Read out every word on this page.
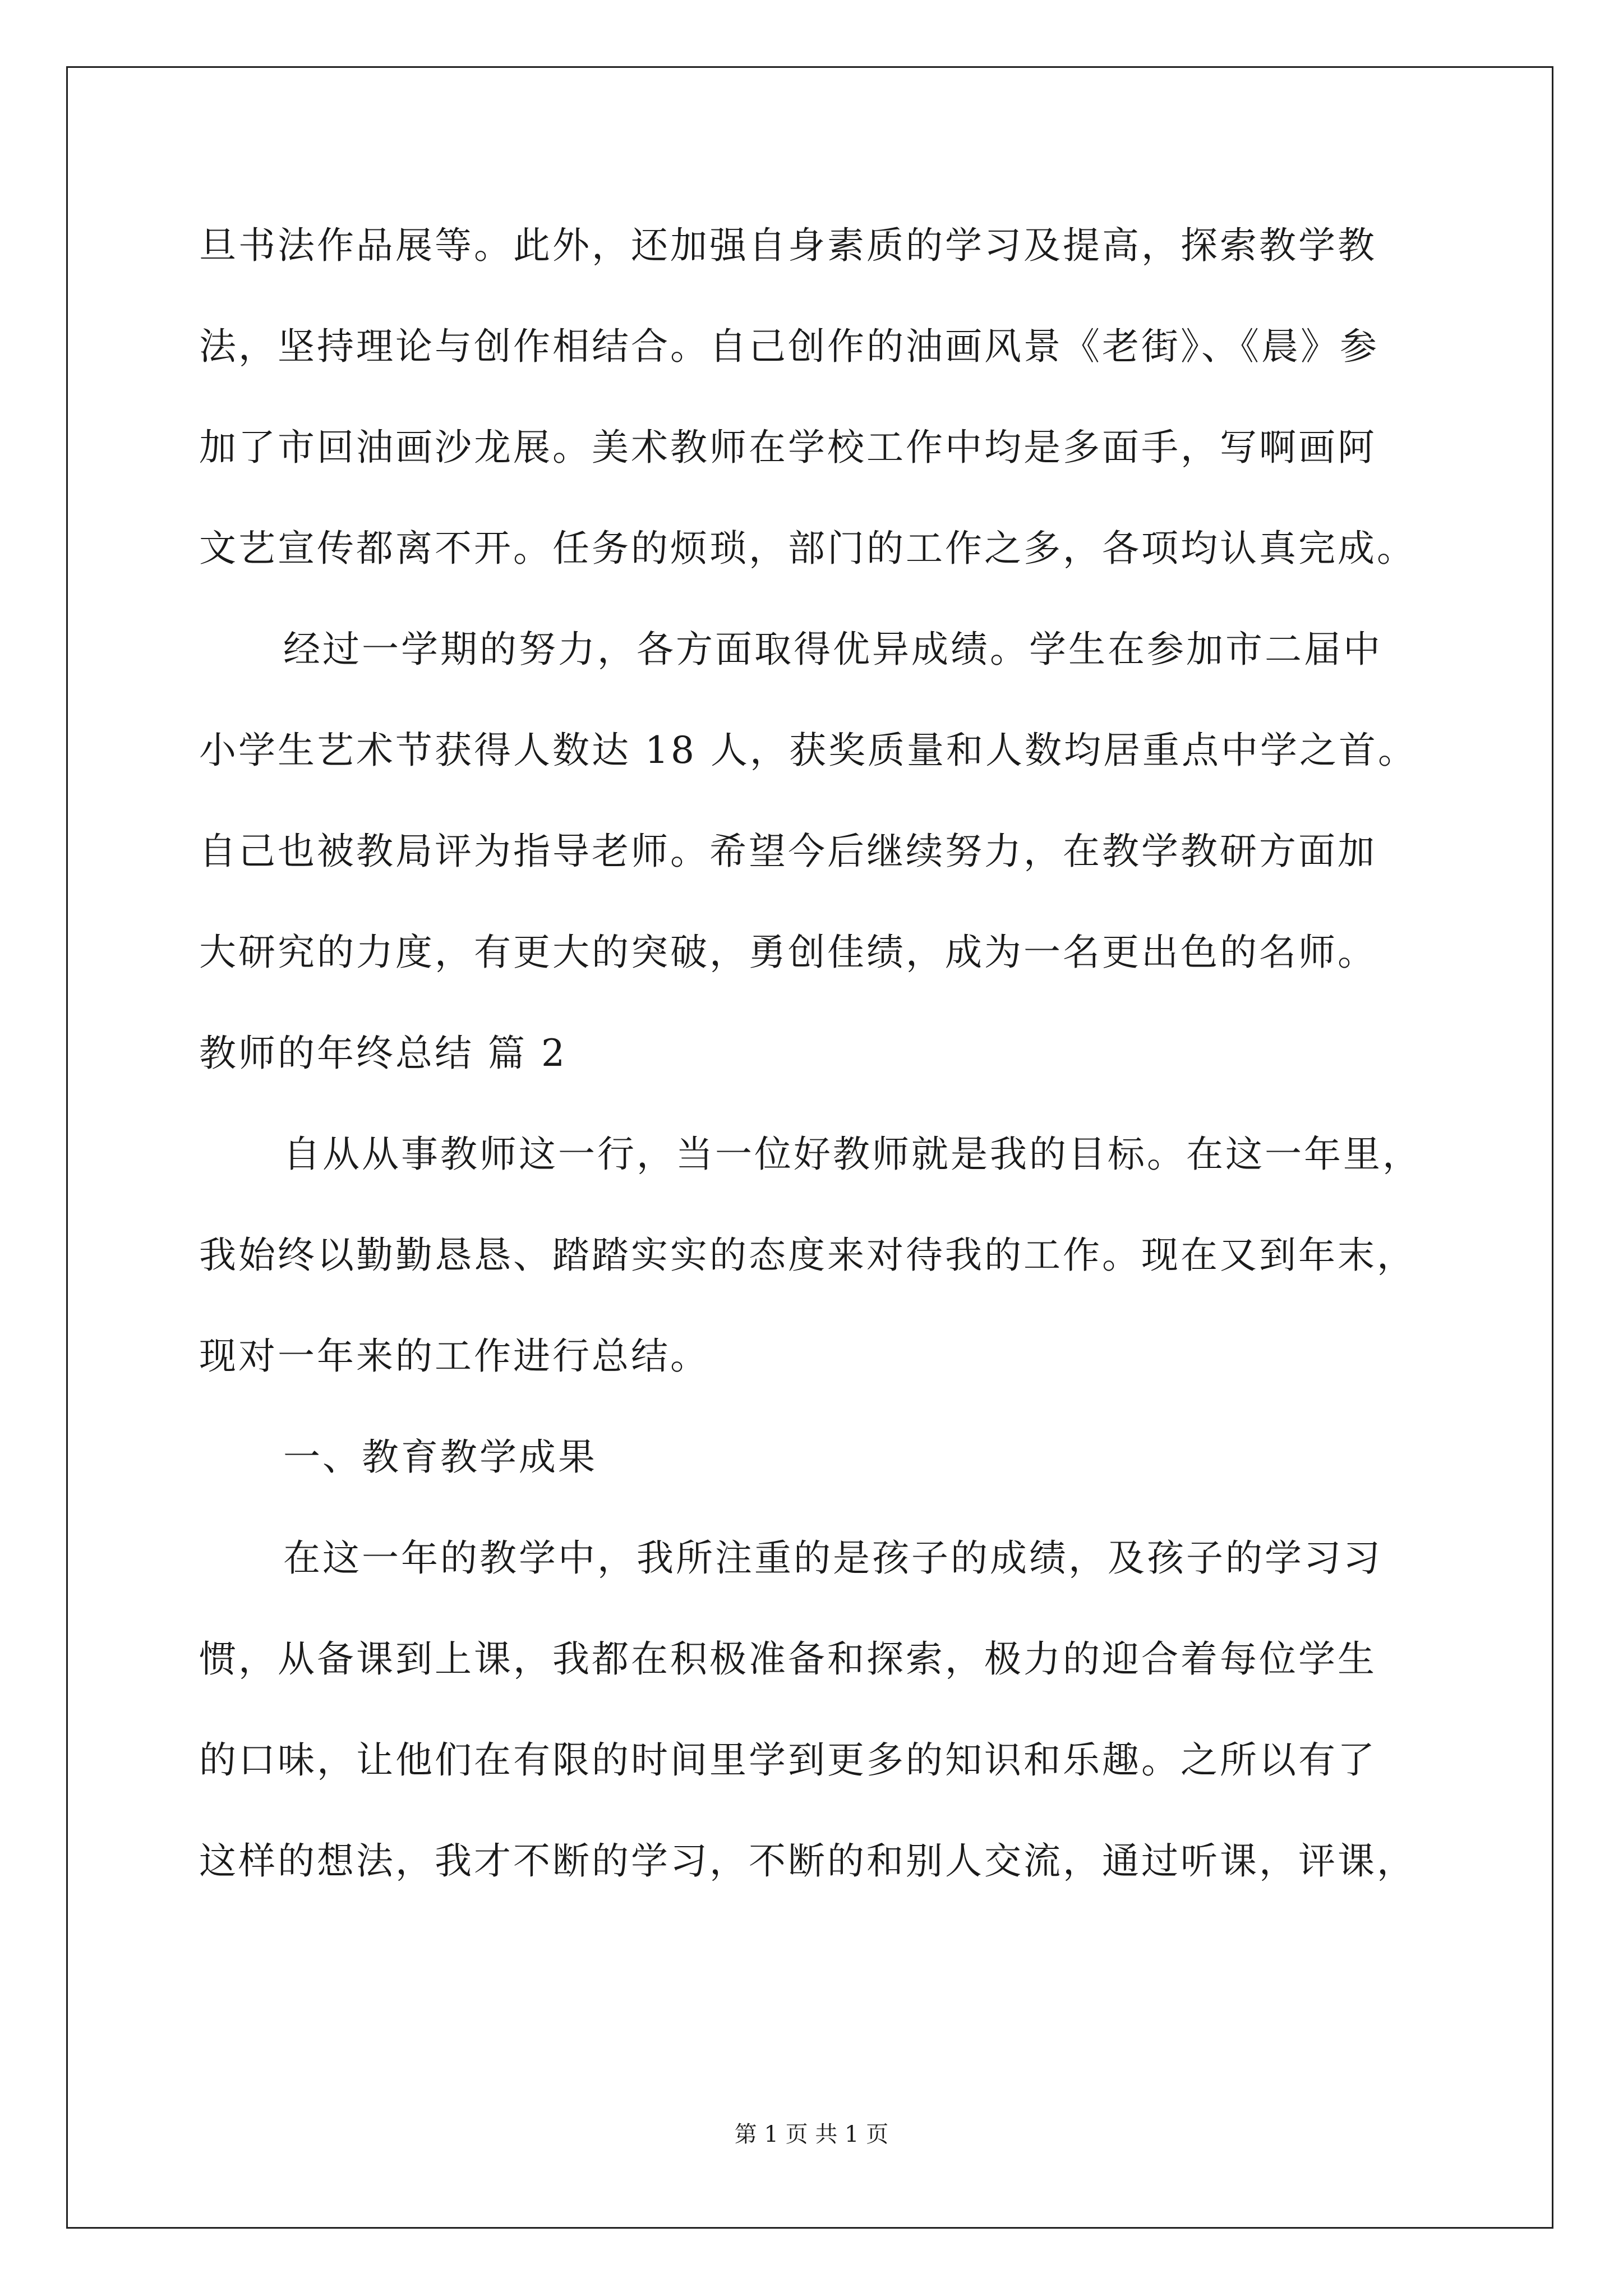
旦书法作品展等。此外，还加强自身素质的学习及提高，探索教学教
法，坚持理论与创作相结合。自己创作的油画风景《老街》、《晨》参
加了市回油画沙龙展。美术教师在学校工作中均是多面手，写啊画阿
文艺宣传都离不开。任务的烦琐，部门的工作之多，各项均认真完成。
经过一学期的努力，各方面取得优异成绩。学生在参加市二届中
小学生艺术节获得人数达 18 人，获奖质量和人数均居重点中学之首。
自己也被教局评为指导老师。希望今后继续努力，在教学教研方面加
大研究的力度，有更大的突破，勇创佳绩，成为一名更出色的名师。
教师的年终总结 篇 2
自从从事教师这一行，当一位好教师就是我的目标。在这一年里，
我始终以勤勤恳恳、踏踏实实的态度来对待我的工作。现在又到年末，
现对一年来的工作进行总结。
一、教育教学成果
在这一年的教学中，我所注重的是孩子的成绩，及孩子的学习习
惯，从备课到上课，我都在积极准备和探索，极力的迎合着每位学生
的口味，让他们在有限的时间里学到更多的知识和乐趣。之所以有了
这样的想法，我才不断的学习，不断的和别人交流，通过听课，评课，
第 1 页 共 1 页
